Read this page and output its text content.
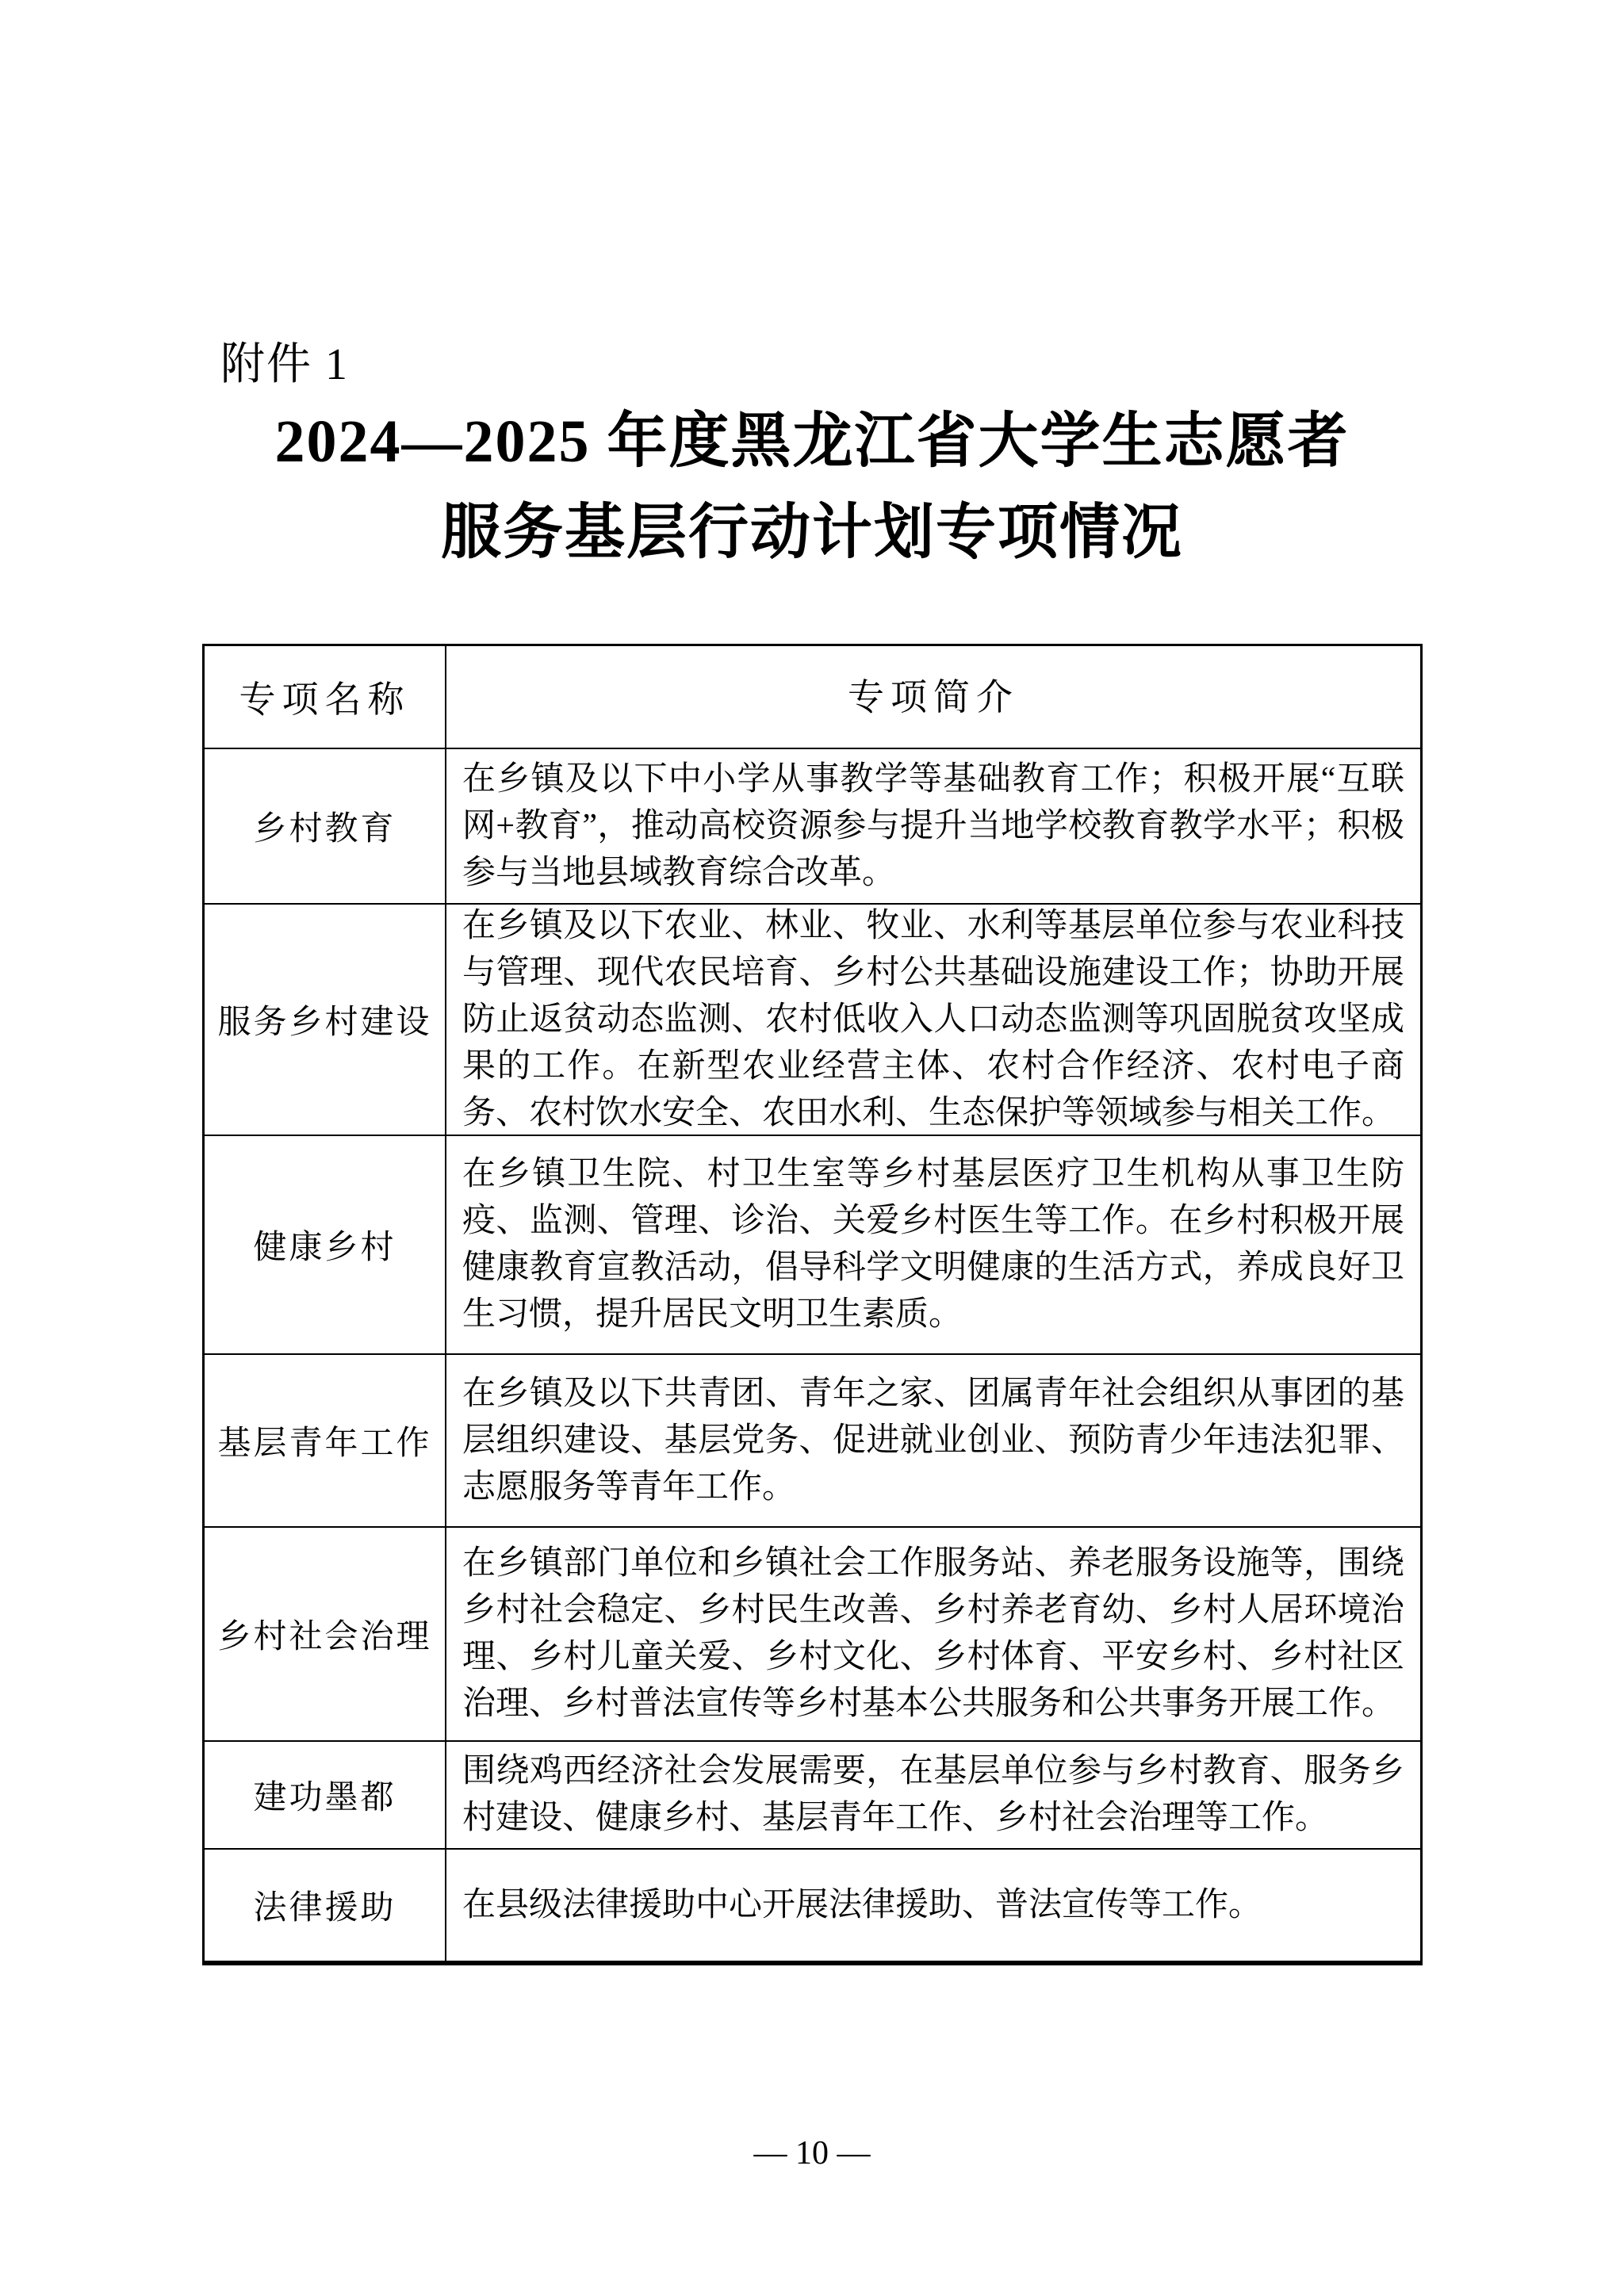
附件 1
2024—2025 年度黑龙江省大学生志愿者
服务基层行动计划专项情况
专项名称	专项简介
乡村教育
在乡镇及以下中小学从事教学等基础教育工作；积极开展“互联网+教育”，推动高校资源参与提升当地学校教育教学水平；积极参与当地县域教育综合改革。
服务乡村建设
在乡镇及以下农业、林业、牧业、水利等基层单位参与农业科技与管理、现代农民培育、乡村公共基础设施建设工作；协助开展防止返贫动态监测、农村低收入人口动态监测等巩固脱贫攻坚成果的工作。在新型农业经营主体、农村合作经济、农村电子商务、农村饮水安全、农田水利、生态保护等领域参与相关工作。
健康乡村
在乡镇卫生院、村卫生室等乡村基层医疗卫生机构从事卫生防疫、监测、管理、诊治、关爱乡村医生等工作。在乡村积极开展健康教育宣教活动，倡导科学文明健康的生活方式，养成良好卫生习惯，提升居民文明卫生素质。
基层青年工作
在乡镇及以下共青团、青年之家、团属青年社会组织从事团的基层组织建设、基层党务、促进就业创业、预防青少年违法犯罪、志愿服务等青年工作。
乡村社会治理
在乡镇部门单位和乡镇社会工作服务站、养老服务设施等，围绕乡村社会稳定、乡村民生改善、乡村养老育幼、乡村人居环境治理、乡村儿童关爱、乡村文化、乡村体育、平安乡村、乡村社区治理、乡村普法宣传等乡村基本公共服务和公共事务开展工作。
建功墨都
围绕鸡西经济社会发展需要，在基层单位参与乡村教育、服务乡村建设、健康乡村、基层青年工作、乡村社会治理等工作。
法律援助	在县级法律援助中心开展法律援助、普法宣传等工作。
— 10 —
